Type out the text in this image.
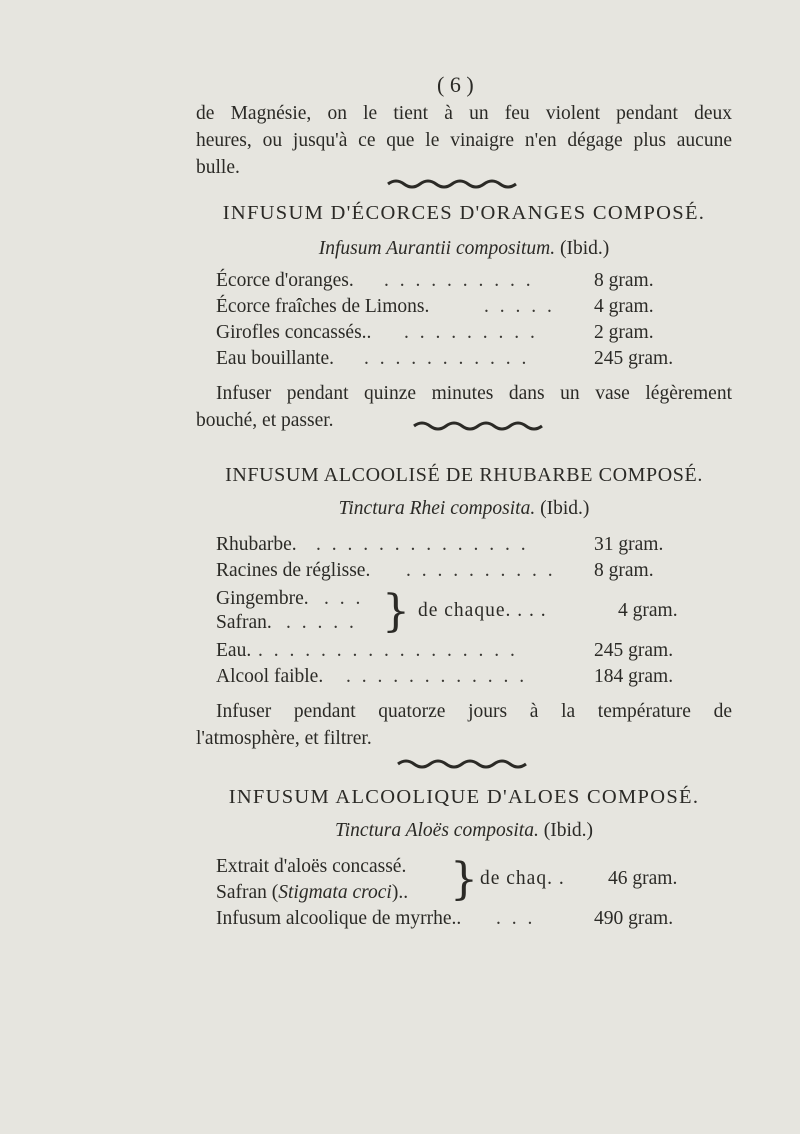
( 6 )
de Magnésie, on le tient à un feu violent pendant deux
heures, ou jusqu'à ce que le vinaigre n'en dégage plus aucune
bulle.
INFUSUM D'ÉCORCES D'ORANGES COMPOSÉ.
Infusum Aurantii compositum. (Ibid.)
Écorce d'oranges. . . . . . . . . . .	8 gram.
Écorce fraîches de Limons.	. . . . . 4 gram.
Girofles concassés.. . . . . . . . . .	2 gram.
Eau bouillante. . . . . . . . . . . .	245 gram.
Infuser pendant quinze minutes dans un vase légèrement
bouché, et passer.
INFUSUM ALCOOLISÉ DE RHUBARBE COMPOSÉ.
Tinctura Rhei composita. (Ibid.)
Rhubarbe. . . . . . . . . . . . . . .	31 gram.
Racines de réglisse. . . . . . . . . . . 8 gram.
Gingembre. . . .
Safran. . . . . . } de chaque. . . .	4 gram.
Eau. . . . . . . . . . . . . . . . . .	245 gram.
Alcool faible. . . . . . . . . . . . .	184 gram.
Infuser pendant quatorze jours à la température de
l'atmosphère, et filtrer.
INFUSUM ALCOOLIQUE D'ALOES COMPOSÉ.
Tinctura Aloës composita. (Ibid.)
Extrait d'aloës concassé.
Safran (Stigmata croci).. } de chaq. . 46 gram.
Infusum alcoolique de myrrhe.. . . .	490 gram.
